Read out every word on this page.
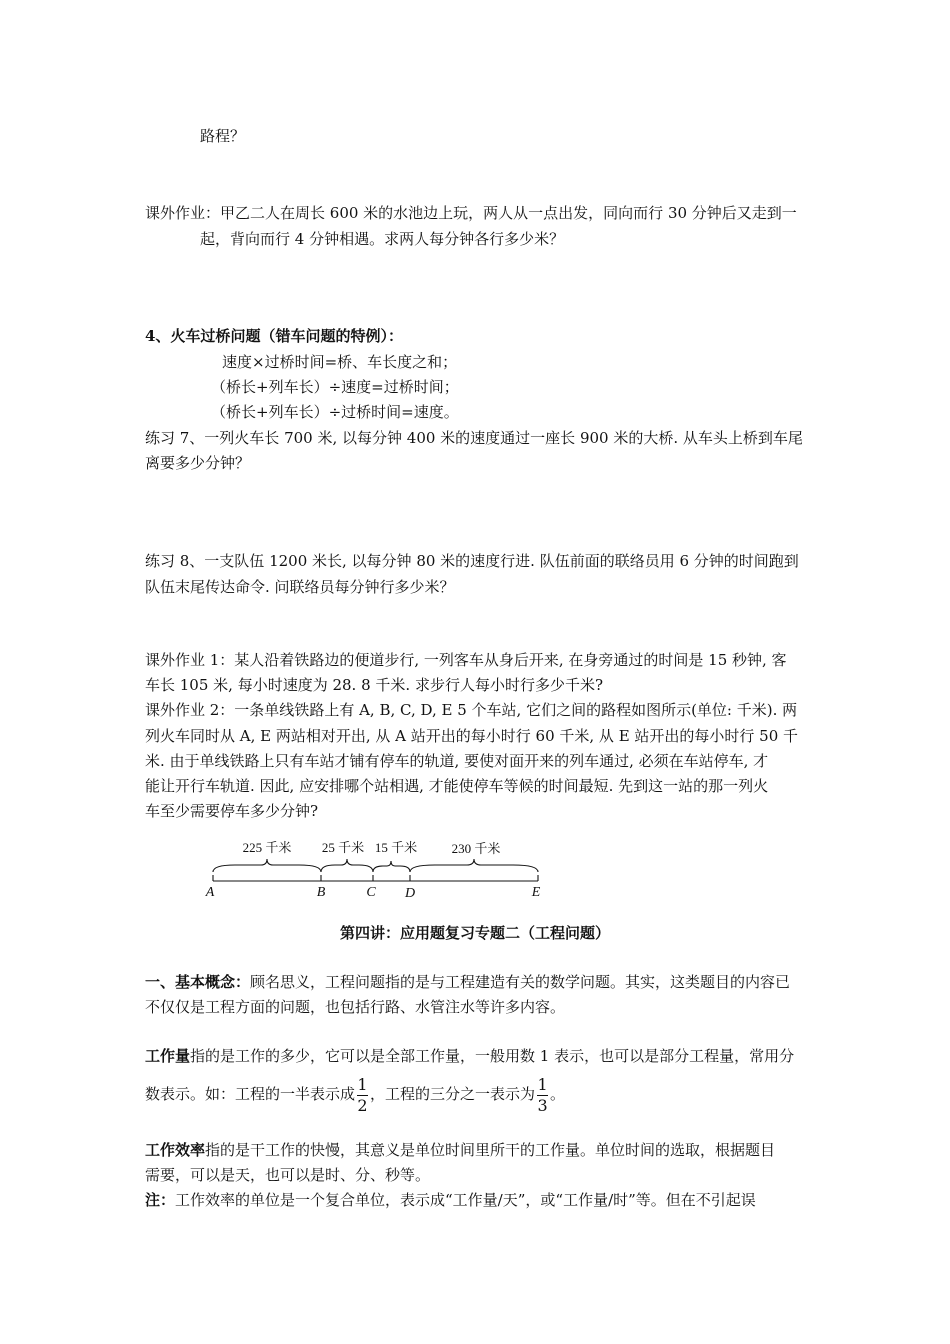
路程？
课外作业：甲乙二人在周长 600 米的水池边上玩，两人从一点出发，同向而行 30 分钟后又走到一
起，背向而行 4 分钟相遇。求两人每分钟各行多少米？
4、火车过桥问题（错车问题的特例）：
速度×过桥时间=桥、车长度之和；
（桥长+列车长）÷速度=过桥时间；
（桥长+列车长）÷过桥时间=速度。
练习 7、一列火车长 700 米, 以每分钟 400 米的速度通过一座长 900 米的大桥. 从车头上桥到车尾
离要多少分钟？
练习 8、一支队伍 1200 米长, 以每分钟 80 米的速度行进. 队伍前面的联络员用 6 分钟的时间跑到
队伍末尾传达命令. 问联络员每分钟行多少米？
课外作业 1：某人沿着铁路边的便道步行, 一列客车从身后开来, 在身旁通过的时间是 15 秒钟, 客
车长 105 米, 每小时速度为 28. 8 千米. 求步行人每小时行多少千米?
课外作业 2：一条单线铁路上有 A, B, C, D, E 5 个车站, 它们之间的路程如图所示(单位: 千米). 两
列火车同时从 A, E 两站相对开出, 从 A 站开出的每小时行 60 千米, 从 E 站开出的每小时行 50 千
米. 由于单线铁路上只有车站才铺有停车的轨道, 要使对面开来的列车通过, 必须在车站停车, 才
能让开行车轨道. 因此, 应安排哪个站相遇, 才能使停车等候的时间最短. 先到这一站的那一列火
车至少需要停车多少分钟?
225 千米 25 千米 15 千米	230 千米
A	B	C D	E
第四讲：应用题复习专题二（工程问题）
一、基本概念：顾名思义，工程问题指的是与工程建造有关的数学问题。其实，这类题目的内容已
不仅仅是工程方面的问题，也包括行路、水管注水等许多内容。
工作量指的是工作的多少，它可以是全部工作量，一般用数 1 表示，也可以是部分工程量，常用分
数表示。如：工程的一半表示成 $\frac{1}{2}$ ，工程的三分之一表示为 $\frac{1}{3}$ 。
工作效率指的是干工作的快慢，其意义是单位时间里所干的工作量。单位时间的选取，根据题目
需要，可以是天，也可以是时、分、秒等。
注：工作效率的单位是一个复合单位，表示成“工作量/天”，或“工作量/时”等。但在不引起误
